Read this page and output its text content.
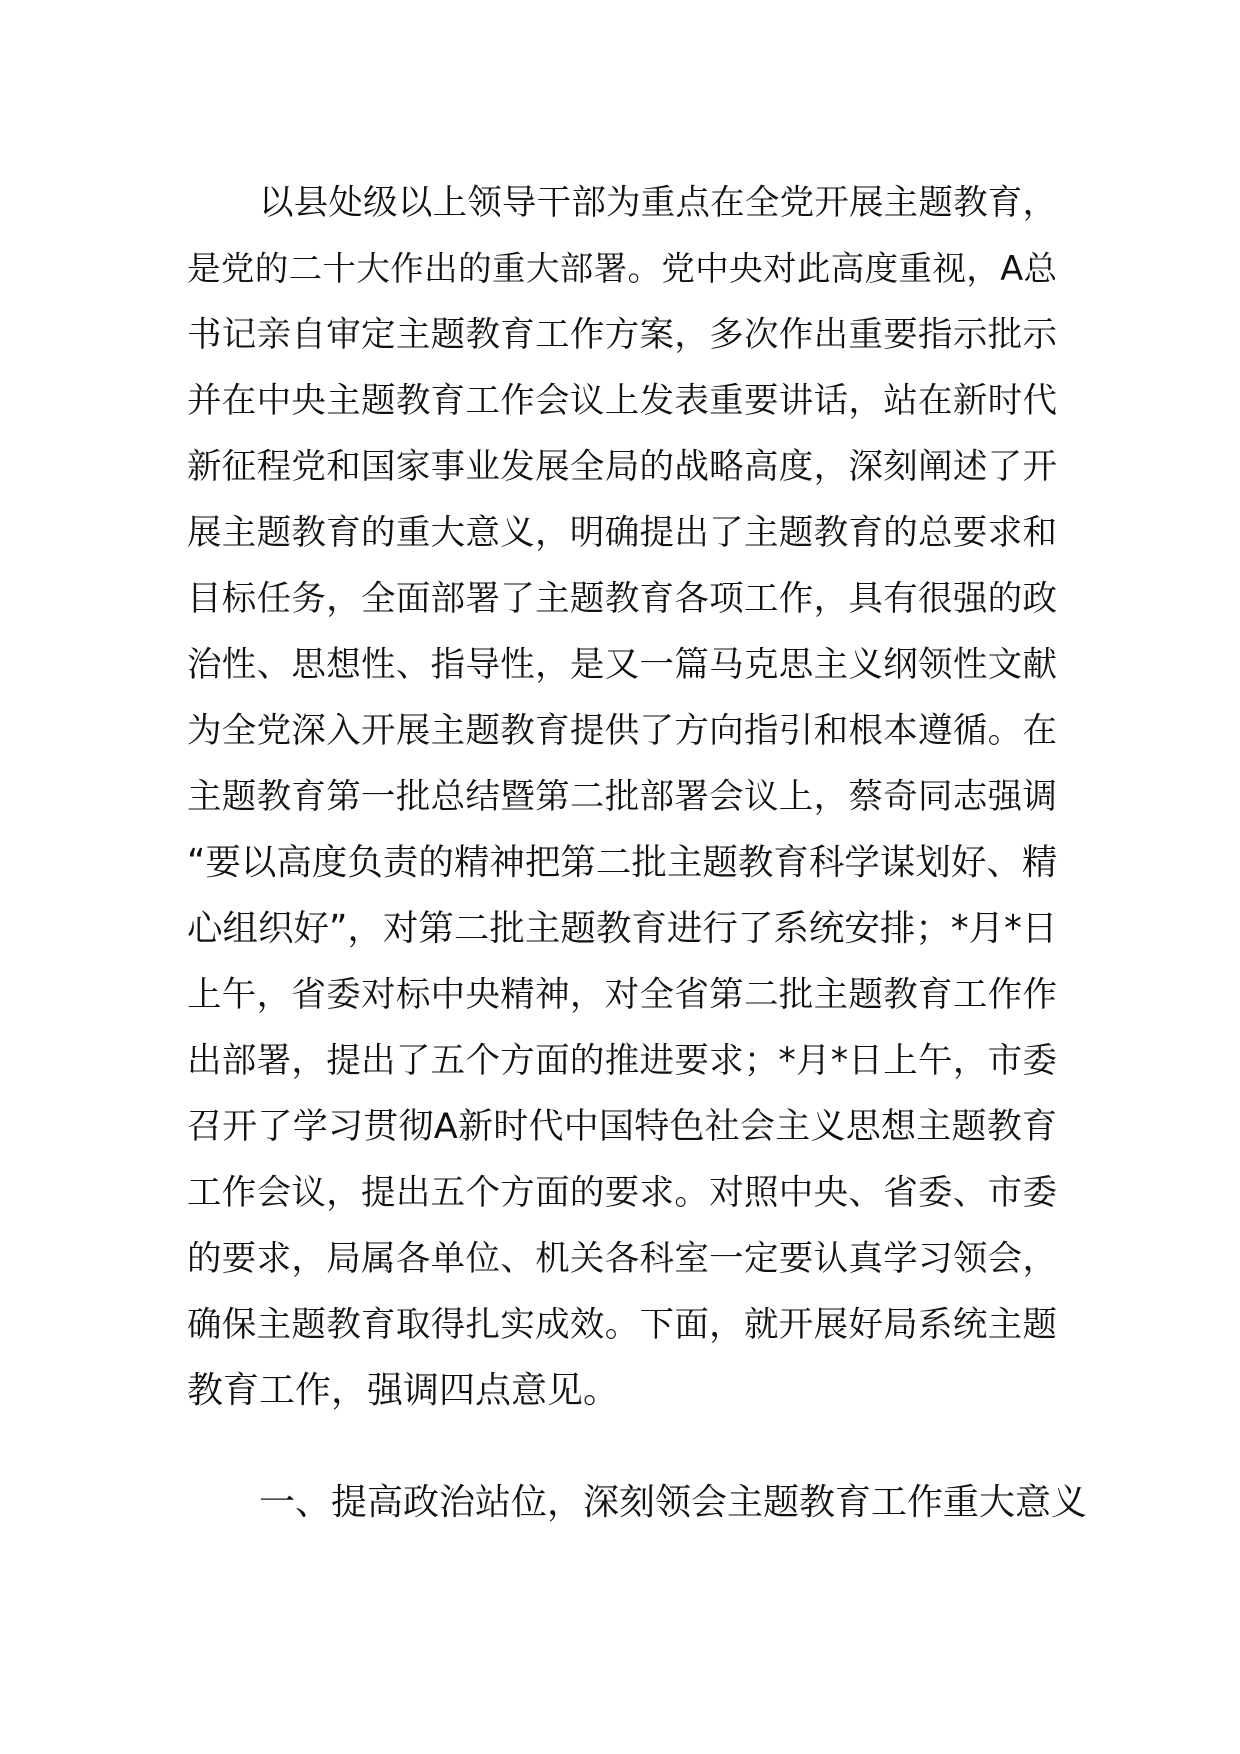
以县处级以上领导干部为重点在全党开展主题教育，
是党的二十大作出的重大部署。党中央对此高度重视，A总
书记亲自审定主题教育工作方案，多次作出重要指示批示
并在中央主题教育工作会议上发表重要讲话，站在新时代
新征程党和国家事业发展全局的战略高度，深刻阐述了开
展主题教育的重大意义，明确提出了主题教育的总要求和
目标任务，全面部署了主题教育各项工作，具有很强的政
治性、思想性、指导性，是又一篇马克思主义纲领性文献
为全党深入开展主题教育提供了方向指引和根本遵循。在
主题教育第一批总结暨第二批部署会议上，蔡奇同志强调
“要以高度负责的精神把第二批主题教育科学谋划好、精
心组织好”，对第二批主题教育进行了系统安排；*月*日
上午，省委对标中央精神，对全省第二批主题教育工作作
出部署，提出了五个方面的推进要求；*月*日上午，市委
召开了学习贯彻A新时代中国特色社会主义思想主题教育
工作会议，提出五个方面的要求。对照中央、省委、市委
的要求，局属各单位、机关各科室一定要认真学习领会，
确保主题教育取得扎实成效。下面，就开展好局系统主题
教育工作，强调四点意见。
一、提高政治站位，深刻领会主题教育工作重大意义
